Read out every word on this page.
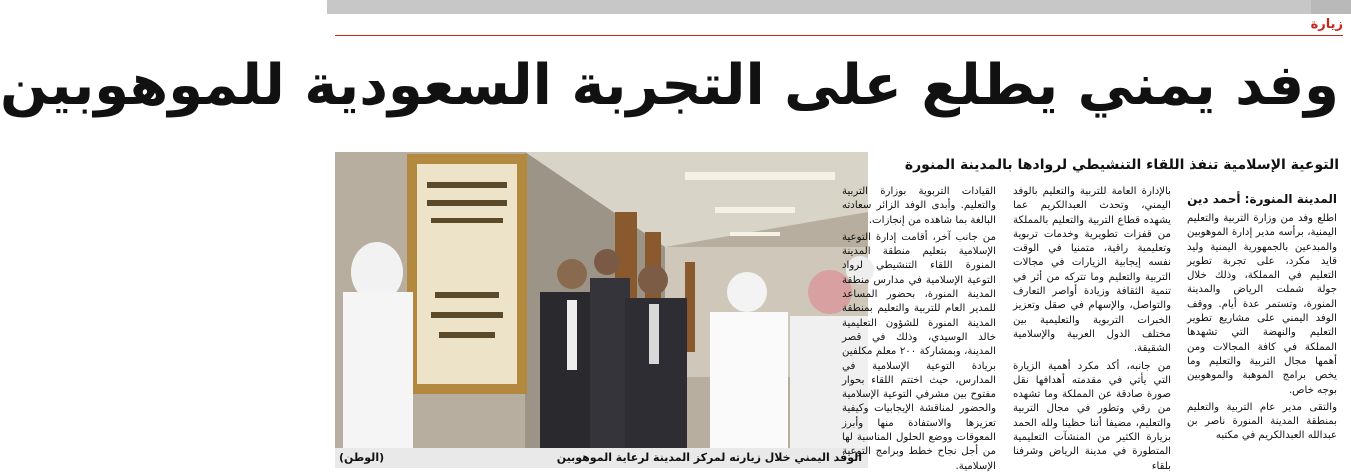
زيارة
وفد يمني يطلع على التجربة السعودية للموهوبين
الوفد اليمني خلال زيارته لمركز المدينة لرعاية الموهوبين
(الوطن)
التوعية الإسلامية تنفذ اللقاء التنشيطي لروادها بالمدينة المنورة
المدينة المنورة: أحمد دين

اطلع وفد من وزارة التربية والتعليم اليمنية، برأسه مدير إدارة الموهوبين والمبدعين بالجمهورية اليمنية وليد قايد مكرد، على تجربة تطوير التعليم في المملكة، وذلك خلال جولة شملت الرياض والمدينة المنورة، وتستمر عدة أيام. ووقف الوفد اليمني على مشاريع تطوير التعليم والنهضة التي تشهدها المملكة في كافة المجالات ومن أهمها مجال التربية والتعليم وما يخص برامج الموهبة والموهوبين بوجه خاص.

والتقى مدير عام التربية والتعليم بمنطقة المدينة المنورة ناصر بن عبدالله العبدالكريم في مكتبه

بالإدارة العامة للتربية والتعليم بالوفد اليمني، وتحدث العبدالكريم عما يشهده قطاع التربية والتعليم بالمملكة من قفزات تطويرية وخدمات تربوية وتعليمية راقية، متمنيا في الوقت نفسه إيجابية الزيارات في مجالات التربية والتعليم وما تتركه من أثر في تنمية الثقافة وزيادة أواصر التعارف والتواصل، والإسهام في صقل وتعزيز الخبرات التربوية والتعليمية بين مختلف الدول العربية والإسلامية الشقيقة.

من جانبه، أكد مكرد أهمية الزيارة التي يأتي في مقدمته أهدافها نقل صورة صادقة عن المملكة وما تشهده من رقي وتطور في مجال التربية والتعليم، مضيفا أننا حظينا ولله الحمد بزيارة الكثير من المنشآت التعليمية المتطورة في مدينة الرياض وشرفنا بلقاء

القيادات التربوية بوزارة التربية والتعليم. وأبدى الوفد الزائر سعادته البالغة بما شاهده من إنجازات.

من جانب آخر، أقامت إدارة التوعية الإسلامية بتعليم منطقة المدينة المنورة اللقاء التنشيطي لرواد التوعية الإسلامية في مدارس منطقة المدينة المنورة، بحضور المساعد للمدير العام للتربية والتعليم بمنطقة المدينة المنورة للشؤون التعليمية خالد الوسيدي، وذلك في قصر المدينة، وبمشاركة ٢٠٠ معلم مكلفين بريادة التوعية الإسلامية في المدارس، حيث اختتم اللقاء بحوار مفتوح بين مشرفي التوعية الإسلامية والحضور لمناقشة الإيجابيات وكيفية تعزيزها والاستفادة منها وأبرز المعوقات ووضع الحلول المناسبة لها من أجل نجاح خطط وبرامج التوعية الإسلامية.
